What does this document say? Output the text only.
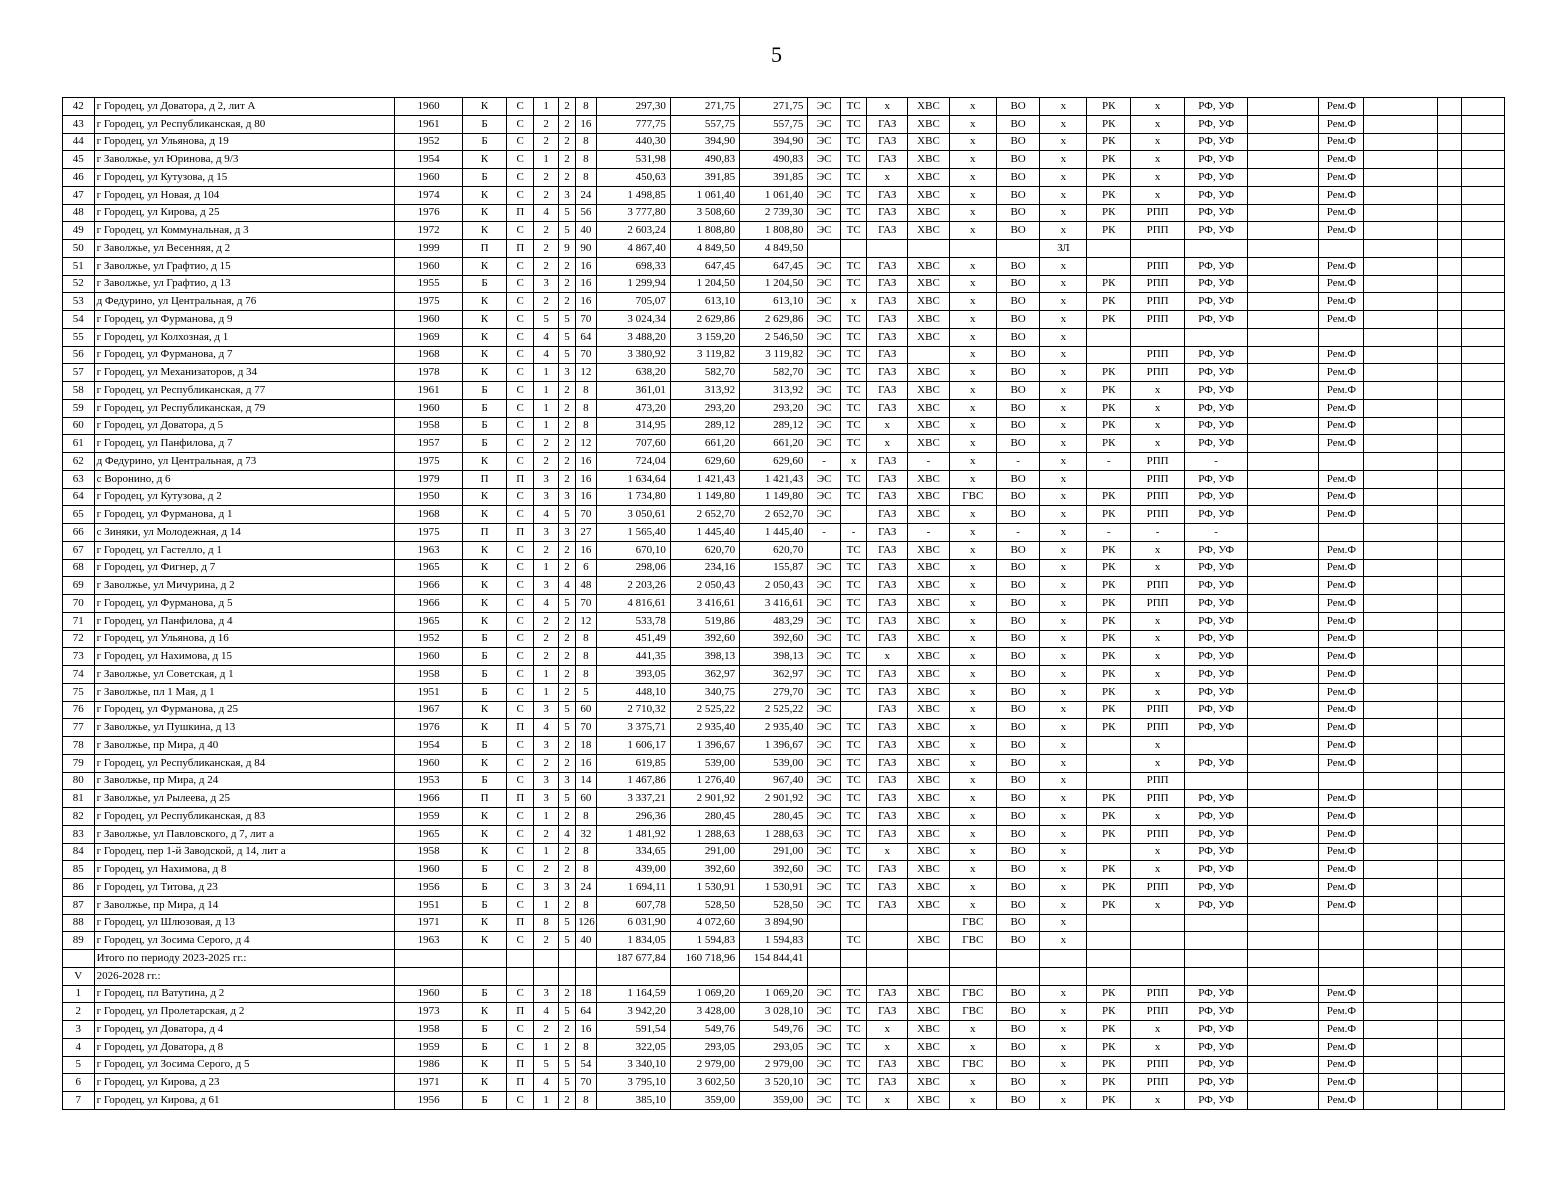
5
42	г Городец, ул Доватора, д 2, лит А	1960	К	С	1	2	8	297,30	271,75	271,75	ЭС	ТС	х	ХВС	х	ВО	х	РК	х	РФ, УФ		Рем.Ф			
43	г Городец, ул Республиканская, д 80	1961	Б	С	2	2	16	777,75	557,75	557,75	ЭС	ТС	ГАЗ	ХВС	х	ВО	х	РК	х	РФ, УФ		Рем.Ф			
44	г Городец, ул Ульянова, д 19	1952	Б	С	2	2	8	440,30	394,90	394,90	ЭС	ТС	ГАЗ	ХВС	х	ВО	х	РК	х	РФ, УФ		Рем.Ф			
45	г Заволжье, ул Юринова, д 9/3	1954	К	С	1	2	8	531,98	490,83	490,83	ЭС	ТС	ГАЗ	ХВС	х	ВО	х	РК	х	РФ, УФ		Рем.Ф			
46	г Городец, ул Кутузова, д 15	1960	Б	С	2	2	8	450,63	391,85	391,85	ЭС	ТС	х	ХВС	х	ВО	х	РК	х	РФ, УФ		Рем.Ф			
47	г Городец, ул Новая, д 104	1974	К	С	2	3	24	1 498,85	1 061,40	1 061,40	ЭС	ТС	ГАЗ	ХВС	х	ВО	х	РК	х	РФ, УФ		Рем.Ф			
48	г Городец, ул Кирова, д 25	1976	К	П	4	5	56	3 777,80	3 508,60	2 739,30	ЭС	ТС	ГАЗ	ХВС	х	ВО	х	РК	РПП	РФ, УФ		Рем.Ф			
49	г Городец, ул Коммунальная, д 3	1972	К	С	2	5	40	2 603,24	1 808,80	1 808,80	ЭС	ТС	ГАЗ	ХВС	х	ВО	х	РК	РПП	РФ, УФ		Рем.Ф			
50	г Заволжье, ул Весенняя, д 2	1999	П	П	2	9	90	4 867,40	4 849,50	4 849,50							ЗЛ								
51	г Заволжье, ул Графтио, д 15	1960	К	С	2	2	16	698,33	647,45	647,45	ЭС	ТС	ГАЗ	ХВС	х	ВО	х		РПП	РФ, УФ		Рем.Ф			
52	г Заволжье, ул Графтио, д 13	1955	Б	С	3	2	16	1 299,94	1 204,50	1 204,50	ЭС	ТС	ГАЗ	ХВС	х	ВО	х	РК	РПП	РФ, УФ		Рем.Ф			
53	д Федурино, ул Центральная, д 76	1975	К	С	2	2	16	705,07	613,10	613,10	ЭС	х	ГАЗ	ХВС	х	ВО	х	РК	РПП	РФ, УФ		Рем.Ф			
54	г Городец, ул Фурманова, д 9	1960	К	С	5	5	70	3 024,34	2 629,86	2 629,86	ЭС	ТС	ГАЗ	ХВС	х	ВО	х	РК	РПП	РФ, УФ		Рем.Ф			
55	г Городец, ул Колхозная, д 1	1969	К	С	4	5	64	3 488,20	3 159,20	2 546,50	ЭС	ТС	ГАЗ	ХВС	х	ВО	х								
56	г Городец, ул Фурманова, д 7	1968	К	С	4	5	70	3 380,92	3 119,82	3 119,82	ЭС	ТС	ГАЗ		х	ВО	х		РПП	РФ, УФ		Рем.Ф			
57	г Городец, ул Механизаторов, д 34	1978	К	С	1	3	12	638,20	582,70	582,70	ЭС	ТС	ГАЗ	ХВС	х	ВО	х	РК	РПП	РФ, УФ		Рем.Ф			
58	г Городец, ул Республиканская, д 77	1961	Б	С	1	2	8	361,01	313,92	313,92	ЭС	ТС	ГАЗ	ХВС	х	ВО	х	РК	х	РФ, УФ		Рем.Ф			
59	г Городец, ул Республиканская, д 79	1960	Б	С	1	2	8	473,20	293,20	293,20	ЭС	ТС	ГАЗ	ХВС	х	ВО	х	РК	х	РФ, УФ		Рем.Ф			
60	г Городец, ул Доватора, д 5	1958	Б	С	1	2	8	314,95	289,12	289,12	ЭС	ТС	х	ХВС	х	ВО	х	РК	х	РФ, УФ		Рем.Ф			
61	г Городец, ул Панфилова, д 7	1957	Б	С	2	2	12	707,60	661,20	661,20	ЭС	ТС	х	ХВС	х	ВО	х	РК	х	РФ, УФ		Рем.Ф			
62	д Федурино, ул Центральная, д 73	1975	К	С	2	2	16	724,04	629,60	629,60	-	х	ГАЗ	-	х	-	х	-	РПП	-					
63	с Воронино, д 6	1979	П	П	3	2	16	1 634,64	1 421,43	1 421,43	ЭС	ТС	ГАЗ	ХВС	х	ВО	х		РПП	РФ, УФ		Рем.Ф			
64	г Городец, ул Кутузова, д 2	1950	К	С	3	3	16	1 734,80	1 149,80	1 149,80	ЭС	ТС	ГАЗ	ХВС	ГВС	ВО	х	РК	РПП	РФ, УФ		Рем.Ф			
65	г Городец, ул Фурманова, д 1	1968	К	С	4	5	70	3 050,61	2 652,70	2 652,70	ЭС		ГАЗ	ХВС	х	ВО	х	РК	РПП	РФ, УФ		Рем.Ф			
66	с Зиняки, ул Молодежная, д 14	1975	П	П	3	3	27	1 565,40	1 445,40	1 445,40	-	-	ГАЗ	-	х	-	х	-	-	-					
67	г Городец, ул Гастелло, д 1	1963	К	С	2	2	16	670,10	620,70	620,70		ТС	ГАЗ	ХВС	х	ВО	х	РК	х	РФ, УФ		Рем.Ф			
68	г Городец, ул Фигнер, д 7	1965	К	С	1	2	6	298,06	234,16	155,87	ЭС	ТС	ГАЗ	ХВС	х	ВО	х	РК	х	РФ, УФ		Рем.Ф			
69	г Заволжье, ул Мичурина, д 2	1966	К	С	3	4	48	2 203,26	2 050,43	2 050,43	ЭС	ТС	ГАЗ	ХВС	х	ВО	х	РК	РПП	РФ, УФ		Рем.Ф			
70	г Городец, ул Фурманова, д 5	1966	К	С	4	5	70	4 816,61	3 416,61	3 416,61	ЭС	ТС	ГАЗ	ХВС	х	ВО	х	РК	РПП	РФ, УФ		Рем.Ф			
71	г Городец, ул Панфилова, д 4	1965	К	С	2	2	12	533,78	519,86	483,29	ЭС	ТС	ГАЗ	ХВС	х	ВО	х	РК	х	РФ, УФ		Рем.Ф			
72	г Городец, ул Ульянова, д 16	1952	Б	С	2	2	8	451,49	392,60	392,60	ЭС	ТС	ГАЗ	ХВС	х	ВО	х	РК	х	РФ, УФ		Рем.Ф			
73	г Городец, ул Нахимова, д 15	1960	Б	С	2	2	8	441,35	398,13	398,13	ЭС	ТС	х	ХВС	х	ВО	х	РК	х	РФ, УФ		Рем.Ф			
74	г Заволжье, ул Советская, д 1	1958	Б	С	1	2	8	393,05	362,97	362,97	ЭС	ТС	ГАЗ	ХВС	х	ВО	х	РК	х	РФ, УФ		Рем.Ф			
75	г Заволжье, пл 1 Мая, д 1	1951	Б	С	1	2	5	448,10	340,75	279,70	ЭС	ТС	ГАЗ	ХВС	х	ВО	х	РК	х	РФ, УФ		Рем.Ф			
76	г Городец, ул Фурманова, д 25	1967	К	С	3	5	60	2 710,32	2 525,22	2 525,22	ЭС		ГАЗ	ХВС	х	ВО	х	РК	РПП	РФ, УФ		Рем.Ф			
77	г Заволжье, ул Пушкина, д 13	1976	К	П	4	5	70	3 375,71	2 935,40	2 935,40	ЭС	ТС	ГАЗ	ХВС	х	ВО	х	РК	РПП	РФ, УФ		Рем.Ф			
78	г Заволжье, пр Мира, д 40	1954	Б	С	3	2	18	1 606,17	1 396,67	1 396,67	ЭС	ТС	ГАЗ	ХВС	х	ВО	х		х			Рем.Ф			
79	г Городец, ул Республиканская, д 84	1960	К	С	2	2	16	619,85	539,00	539,00	ЭС	ТС	ГАЗ	ХВС	х	ВО	х		х	РФ, УФ		Рем.Ф			
80	г Заволжье, пр Мира, д 24	1953	Б	С	3	3	14	1 467,86	1 276,40	967,40	ЭС	ТС	ГАЗ	ХВС	х	ВО	х		РПП						
81	г Заволжье, ул Рылеева, д 25	1966	П	П	3	5	60	3 337,21	2 901,92	2 901,92	ЭС	ТС	ГАЗ	ХВС	х	ВО	х	РК	РПП	РФ, УФ		Рем.Ф			
82	г Городец, ул Республиканская, д 83	1959	К	С	1	2	8	296,36	280,45	280,45	ЭС	ТС	ГАЗ	ХВС	х	ВО	х	РК	х	РФ, УФ		Рем.Ф			
83	г Заволжье, ул Павловского, д 7, лит а	1965	К	С	2	4	32	1 481,92	1 288,63	1 288,63	ЭС	ТС	ГАЗ	ХВС	х	ВО	х	РК	РПП	РФ, УФ		Рем.Ф			
84	г Городец, пер 1-й Заводской, д 14, лит а	1958	К	С	1	2	8	334,65	291,00	291,00	ЭС	ТС	х	ХВС	х	ВО	х		х	РФ, УФ		Рем.Ф			
85	г Городец, ул Нахимова, д 8	1960	Б	С	2	2	8	439,00	392,60	392,60	ЭС	ТС	ГАЗ	ХВС	х	ВО	х	РК	х	РФ, УФ		Рем.Ф			
86	г Городец, ул Титова, д 23	1956	Б	С	3	3	24	1 694,11	1 530,91	1 530,91	ЭС	ТС	ГАЗ	ХВС	х	ВО	х	РК	РПП	РФ, УФ		Рем.Ф			
87	г Заволжье, пр Мира, д 14	1951	Б	С	1	2	8	607,78	528,50	528,50	ЭС	ТС	ГАЗ	ХВС	х	ВО	х	РК	х	РФ, УФ		Рем.Ф			
88	г Городец, ул Шлюзовая, д 13	1971	К	П	8	5	126	6 031,90	4 072,60	3 894,90					ГВС	ВО	х								
89	г Городец, ул Зосима Серого, д 4	1963	К	С	2	5	40	1 834,05	1 594,83	1 594,83		ТС		ХВС	ГВС	ВО	х								
	Итого по периоду 2023-2025 гг.:							187 677,84	160 718,96	154 844,41															
V	2026-2028 гг.:																								
1	г Городец, пл Ватутина, д 2	1960	Б	С	3	2	18	1 164,59	1 069,20	1 069,20	ЭС	ТС	ГАЗ	ХВС	ГВС	ВО	х	РК	РПП	РФ, УФ		Рем.Ф			
2	г Городец, ул Пролетарская, д 2	1973	К	П	4	5	64	3 942,20	3 428,00	3 028,10	ЭС	ТС	ГАЗ	ХВС	ГВС	ВО	х	РК	РПП	РФ, УФ		Рем.Ф			
3	г Городец, ул Доватора, д 4	1958	Б	С	2	2	16	591,54	549,76	549,76	ЭС	ТС	х	ХВС	х	ВО	х	РК	х	РФ, УФ		Рем.Ф			
4	г Городец, ул Доватора, д 8	1959	Б	С	1	2	8	322,05	293,05	293,05	ЭС	ТС	х	ХВС	х	ВО	х	РК	х	РФ, УФ		Рем.Ф			
5	г Городец, ул Зосима Серого, д 5	1986	К	П	5	5	54	3 340,10	2 979,00	2 979,00	ЭС	ТС	ГАЗ	ХВС	ГВС	ВО	х	РК	РПП	РФ, УФ		Рем.Ф			
6	г Городец, ул Кирова, д 23	1971	К	П	4	5	70	3 795,10	3 602,50	3 520,10	ЭС	ТС	ГАЗ	ХВС	х	ВО	х	РК	РПП	РФ, УФ		Рем.Ф			
7	г Городец, ул Кирова, д 61	1956	Б	С	1	2	8	385,10	359,00	359,00	ЭС	ТС	х	ХВС	х	ВО	х	РК	х	РФ, УФ		Рем.Ф			
